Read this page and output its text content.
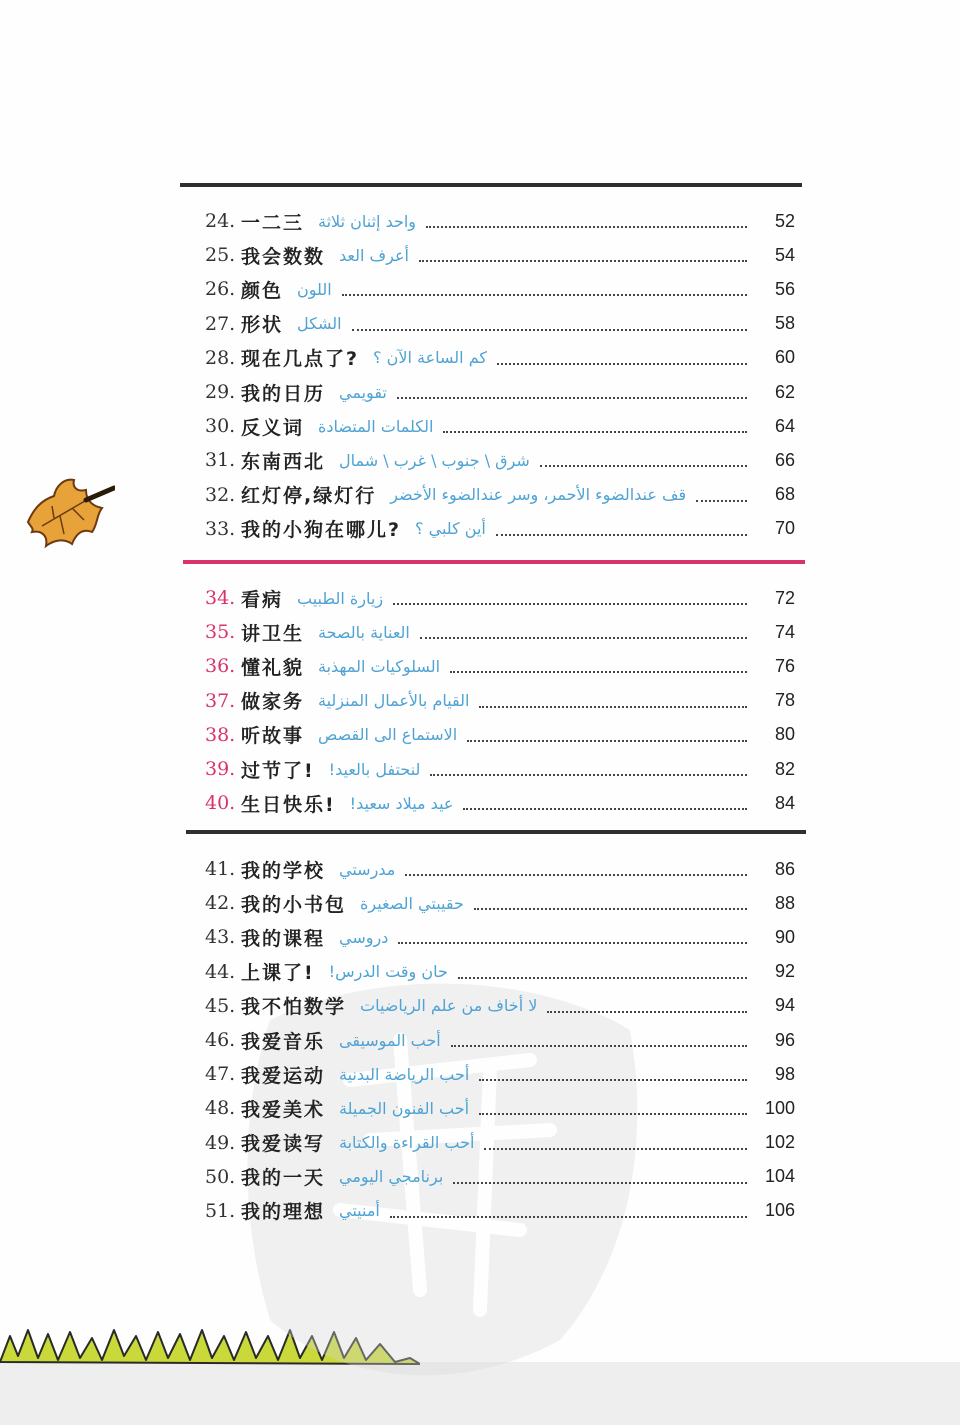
24. 一二三 واحد إثنان ثلاثة	52
25. 我会数数 أعرف العد	54
26. 颜色 اللون	56
27. 形状 الشكل	58
28. 现在几点了? كم الساعة الآن ؟	60
29. 我的日历 تقويمي	62
30. 反义词 الكلمات المتضادة	64
31. 东南西北 شرق \ جنوب \ غرب \ شمال	66
32. 红灯停,绿灯行 قف عندالضوء الأحمر، وسر عندالضوء الأخضر	68
33. 我的小狗在哪儿? أين كلبي ؟	70
34. 看病 زيارة الطبيب	72
35. 讲卫生 العناية بالصحة	74
36. 懂礼貌 السلوكيات المهذبة	76
37. 做家务 القيام بالأعمال المنزلية	78
38. 听故事 الاستماع الى القصص	80
39. 过节了! لنحتفل بالعيد!	82
40. 生日快乐! عيد ميلاد سعيد!	84
41. 我的学校 مدرستي	86
42. 我的小书包 حقيبتي الصغيرة	88
43. 我的课程 دروسي	90
44. 上课了! حان وقت الدرس!	92
45. 我不怕数学 لا أخاف من علم الرياضيات	94
46. 我爱音乐 أحب الموسيقى	96
47. 我爱运动 أحب الرياضة البدنية	98
48. 我爱美术 أحب الفنون الجميلة	100
49. 我爱读写 أحب القراءة والكتابة	102
50. 我的一天 برنامجي اليومي	104
51. 我的理想 أمنيتي	106
